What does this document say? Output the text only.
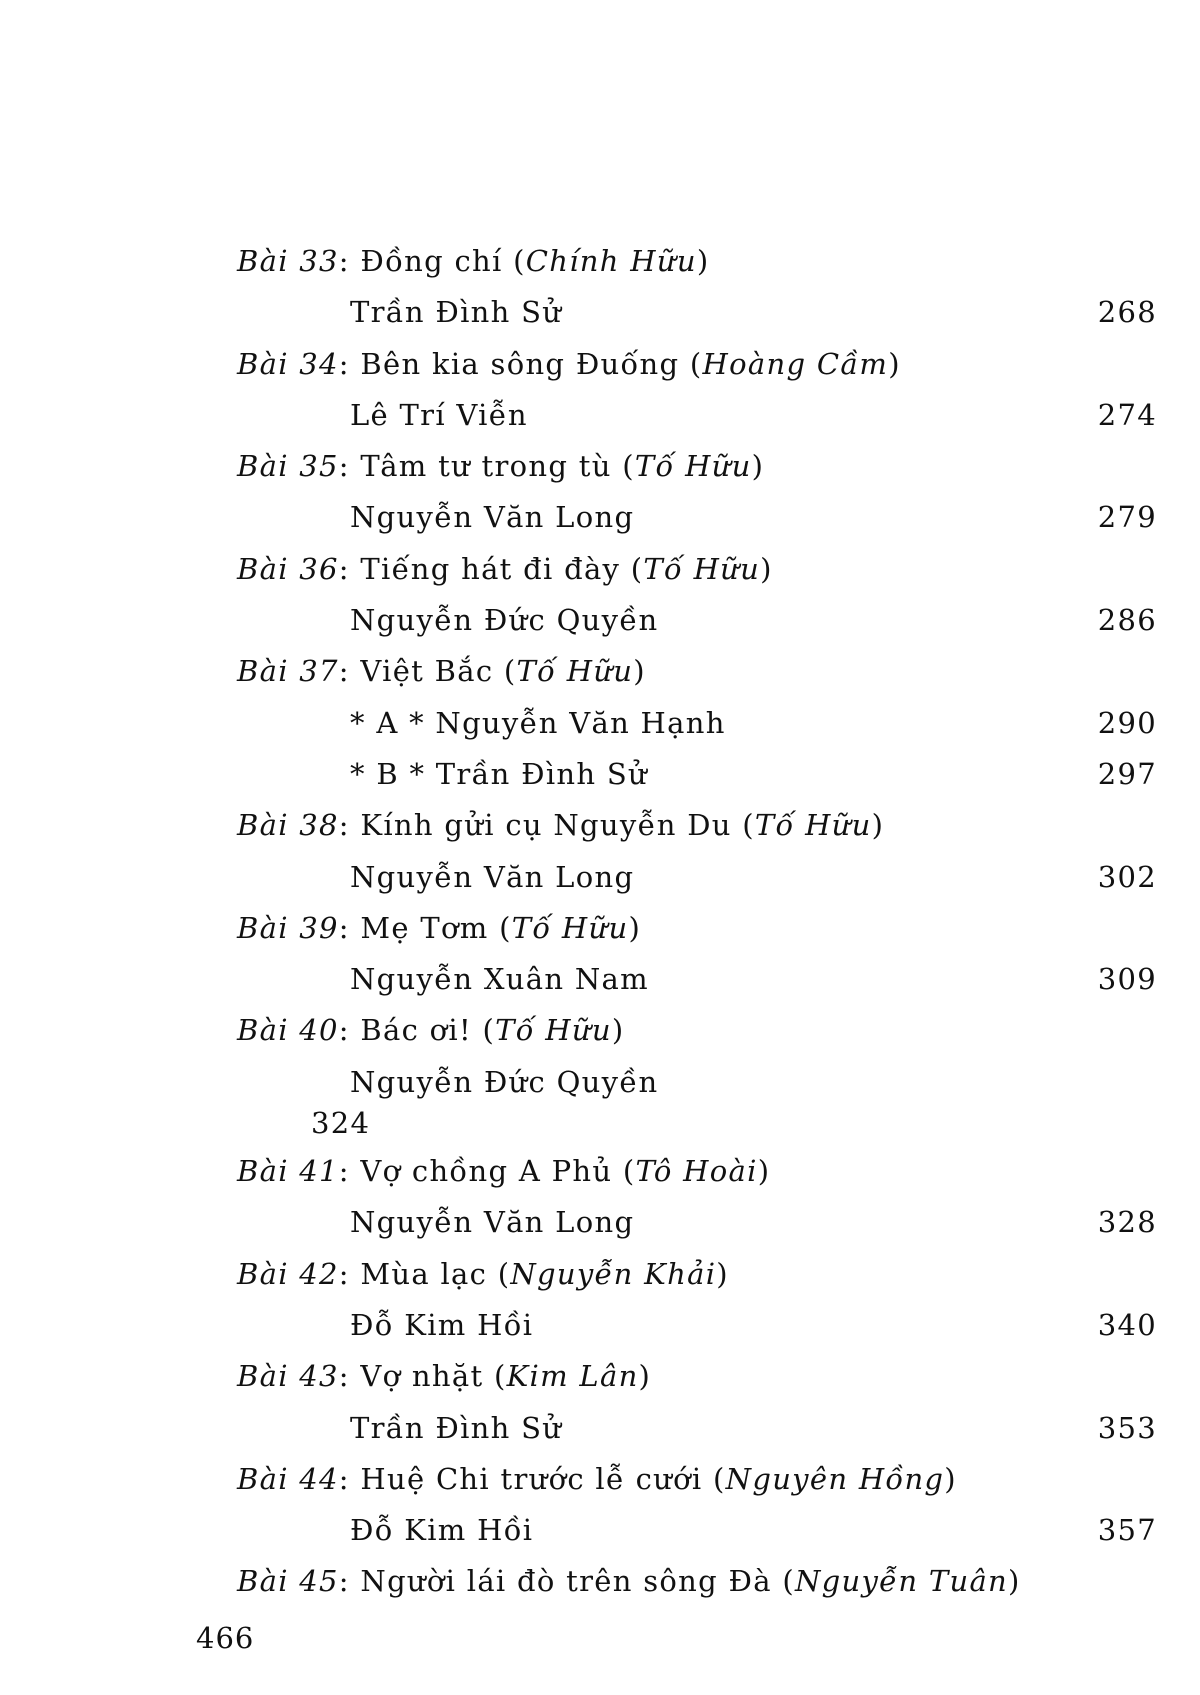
Bài 33: Đồng chí (Chính Hữu)
Trần Đình Sử	268
Bài 34: Bên kia sông Đuống (Hoàng Cầm)
Lê Trí Viễn	274
Bài 35: Tâm tư trong tù (Tố Hữu)
Nguyễn Văn Long	279
Bài 36: Tiếng hát đi đày (Tố Hữu)
Nguyễn Đức Quyền	286
Bài 37: Việt Bắc (Tố Hữu)
* A * Nguyễn Văn Hạnh	290
* B * Trần Đình Sử	297
Bài 38: Kính gửi cụ Nguyễn Du (Tố Hữu)
Nguyễn Văn Long	302
Bài 39: Mẹ Tơm (Tố Hữu)
Nguyễn Xuân Nam	309
Bài 40: Bác ơi! (Tố Hữu)
Nguyễn Đức Quyền
324
Bài 41: Vợ chồng A Phủ (Tô Hoài)
Nguyễn Văn Long	328
Bài 42: Mùa lạc (Nguyễn Khải)
Đỗ Kim Hồi	340
Bài 43: Vợ nhặt (Kim Lân)
Trần Đình Sử	353
Bài 44: Huệ Chi trước lễ cưới (Nguyên Hồng)
Đỗ Kim Hồi	357
Bài 45: Người lái đò trên sông Đà (Nguyễn Tuân)
466
